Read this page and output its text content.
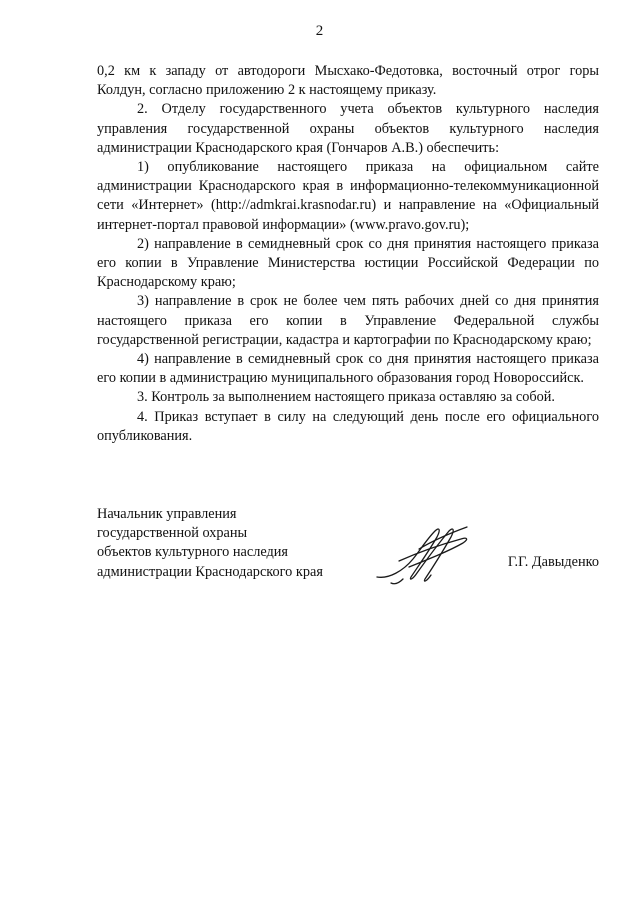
2

0,2 км к западу от автодороги Мысхако-Федотовка, восточный отрог горы Колдун, согласно приложению 2 к настоящему приказу.

2. Отделу государственного учета объектов культурного наследия управления государственной охраны объектов культурного наследия администрации Краснодарского края (Гончаров А.В.) обеспечить:

1) опубликование настоящего приказа на официальном сайте администрации Краснодарского края в информационно-телекоммуникационной сети «Интернет» (http://admkrai.krasnodar.ru) и направление на «Официальный интернет-портал правовой информации» (www.pravo.gov.ru);

2) направление в семидневный срок со дня принятия настоящего приказа его копии в Управление Министерства юстиции Российской Федерации по Краснодарскому краю;

3) направление в срок не более чем пять рабочих дней со дня принятия настоящего приказа его копии в Управление Федеральной службы государственной регистрации, кадастра и картографии по Краснодарскому краю;

4) направление в семидневный срок со дня принятия настоящего приказа его копии в администрацию муниципального образования город Новороссийск.

3. Контроль за выполнением настоящего приказа оставляю за собой.

4. Приказ вступает в силу на следующий день после его официального опубликования.

Начальник управления
государственной охраны
объектов культурного наследия
администрации Краснодарского края
Г.Г. Давыденко
